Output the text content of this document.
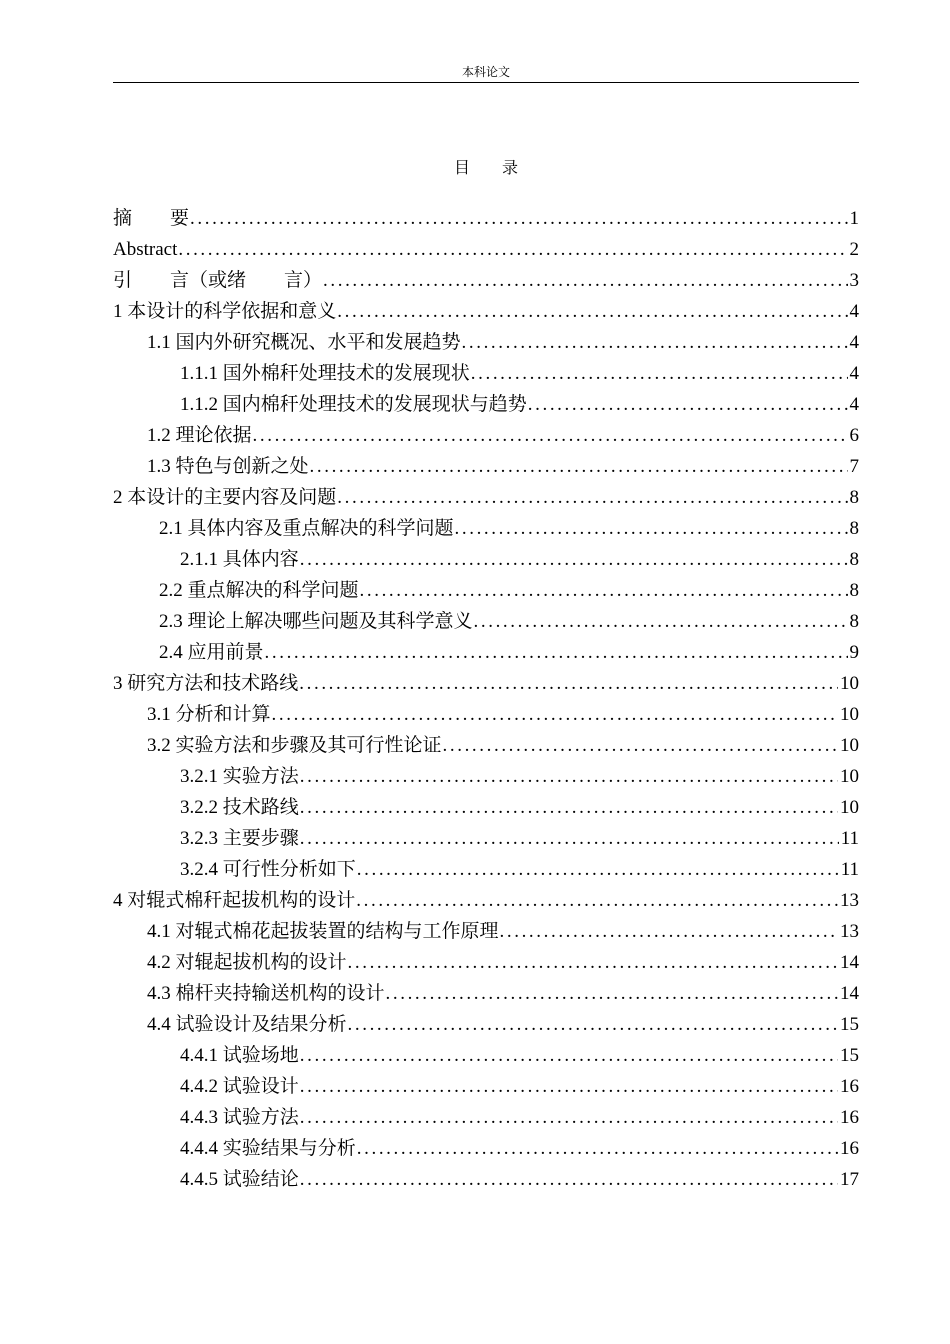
本科论文
目　　录
摘　　要 .....	1
Abstract .....	2
引　　言（或绪　　言） .....	3
1 本设计的科学依据和意义 .....	4
1.1 国内外研究概况、水平和发展趋势 .....	4
1.1.1 国外棉秆处理技术的发展现状 .....	4
1.1.2 国内棉秆处理技术的发展现状与趋势 .....	4
1.2 理论依据 .....	6
1.3 特色与创新之处 .....	7
2 本设计的主要内容及问题 .....	8
2.1 具体内容及重点解决的科学问题 .....	8
2.1.1 具体内容 .....	8
2.2 重点解决的科学问题 .....	8
2.3 理论上解决哪些问题及其科学意义 .....	8
2.4 应用前景 .....	9
3 研究方法和技术路线 .....	10
3.1 分析和计算 .....	10
3.2 实验方法和步骤及其可行性论证 .....	10
3.2.1 实验方法 .....	10
3.2.2 技术路线 .....	10
3.2.3 主要步骤 .....	11
3.2.4 可行性分析如下 .....	11
4 对辊式棉秆起拔机构的设计 .....	13
4.1 对辊式棉花起拔装置的结构与工作原理 .....	13
4.2 对辊起拔机构的设计 .....	14
4.3 棉杆夹持输送机构的设计 .....	14
4.4 试验设计及结果分析 .....	15
4.4.1 试验场地 .....	15
4.4.2 试验设计 .....	16
4.4.3 试验方法 .....	16
4.4.4 实验结果与分析 .....	16
4.4.5 试验结论 .....	17
